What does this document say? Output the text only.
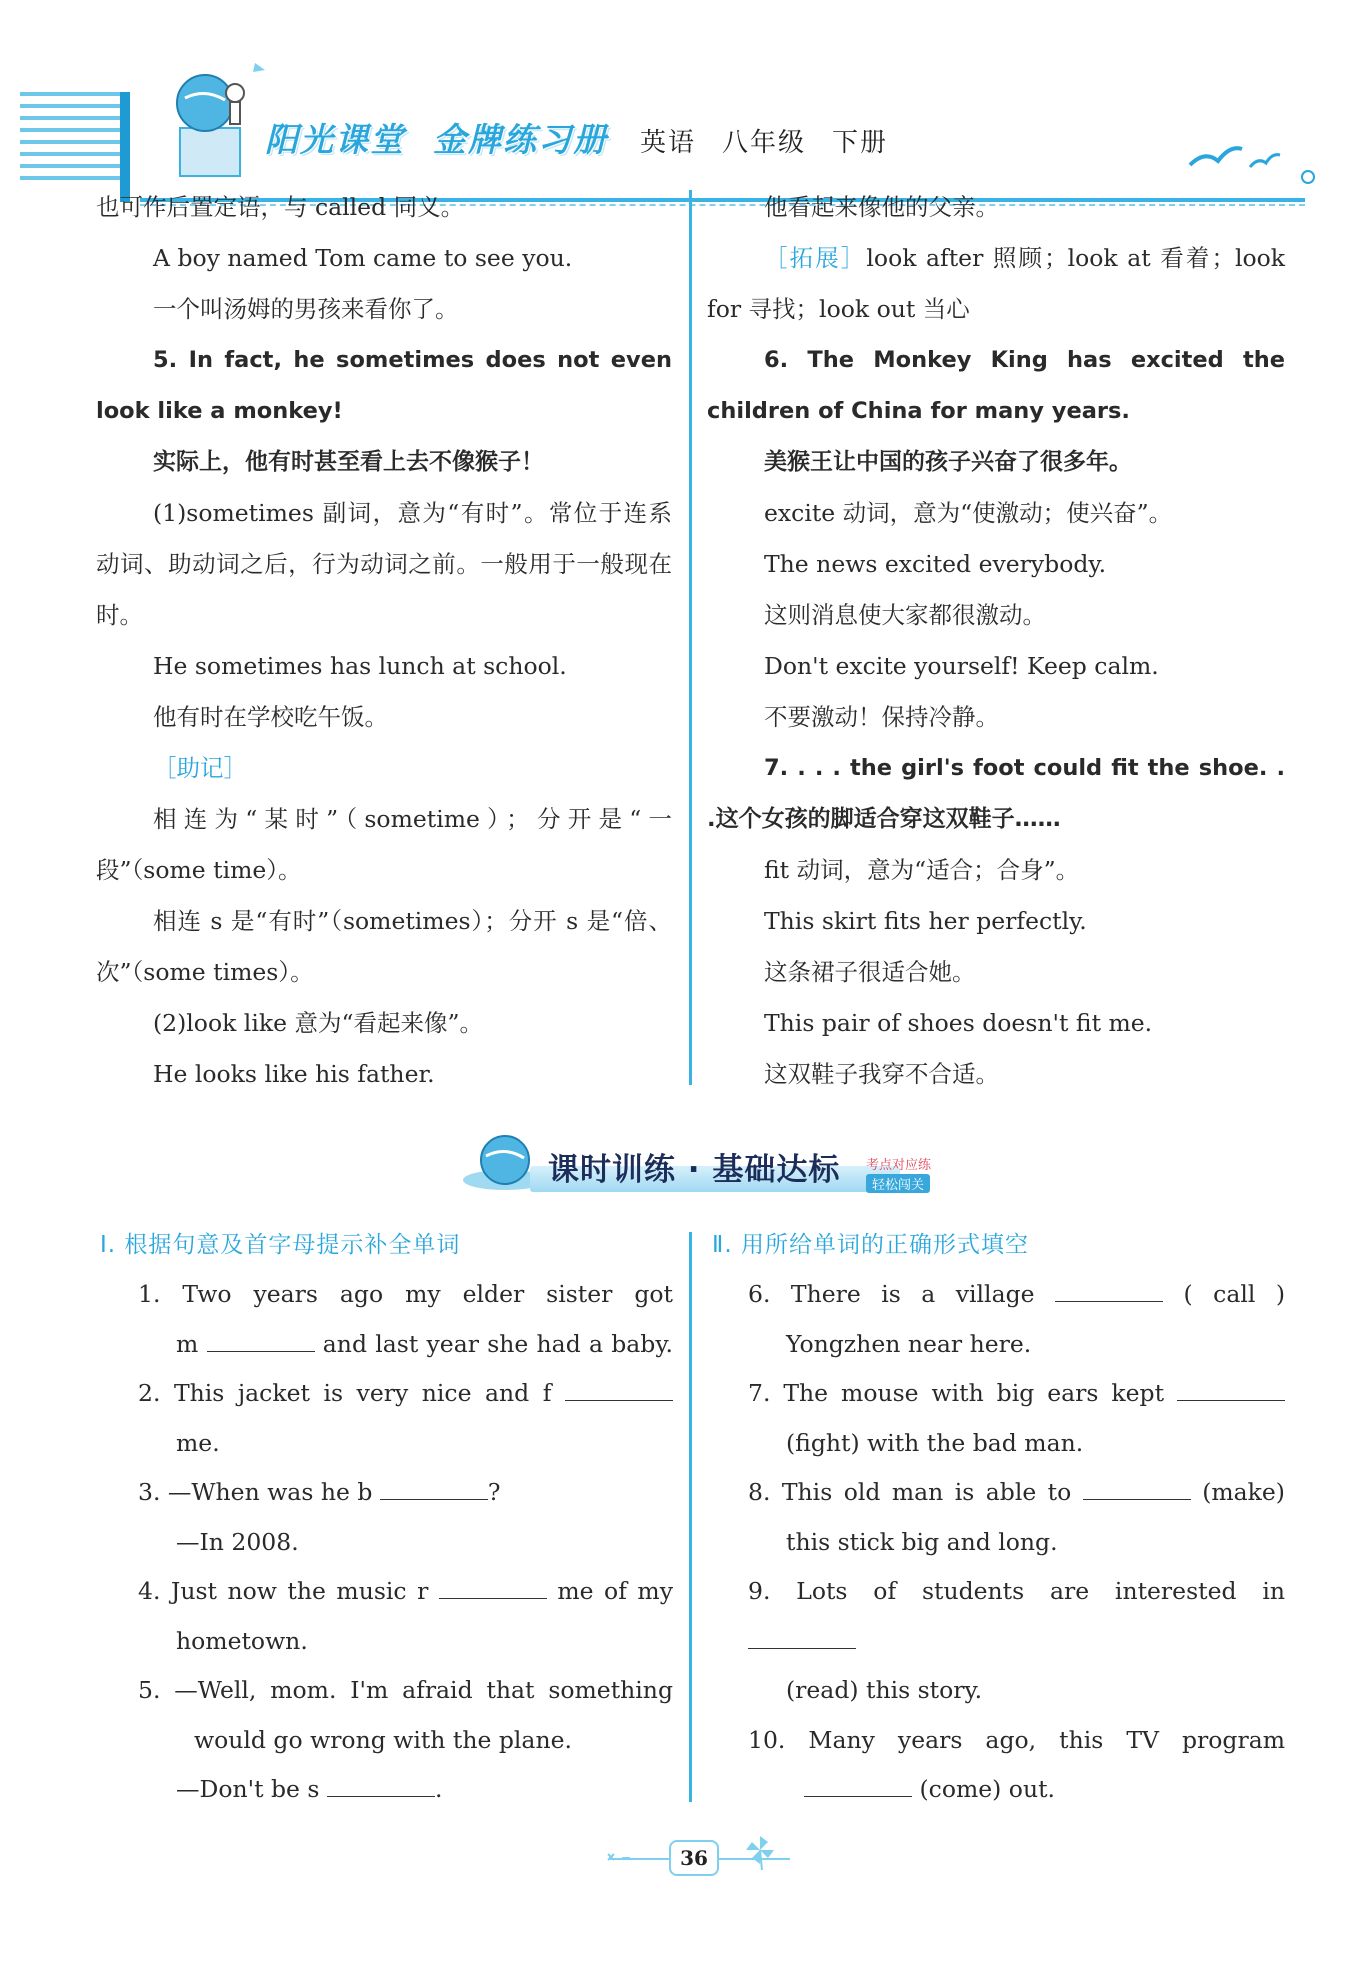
阳光课堂 金牌练习册	英语 八年级 下册

也可作后置定语，与 called 同义。

A boy named Tom came to see you.

一个叫汤姆的男孩来看你了。

5. In fact, he sometimes does not even look like a monkey!

实际上，他有时甚至看上去不像猴子！

(1)sometimes 副词，意为“有时”。常位于连系动词、助动词之后，行为动词之前。一般用于一般现在时。

He sometimes has lunch at school.

他有时在学校吃午饭。

［助记］

相连为“某时”（sometime）；分开是“一段”（some time）。

相连 s 是“有时”（sometimes）；分开 s 是“倍、次”（some times）。

(2)look like 意为“看起来像”。

He looks like his father.

他看起来像他的父亲。

［拓展］look after 照顾；look at 看着；look for 寻找；look out 当心

6. The Monkey King has excited the children of China for many years.

美猴王让中国的孩子兴奋了很多年。

excite 动词，意为“使激动；使兴奋”。

The news excited everybody.

这则消息使大家都很激动。

Don't excite yourself! Keep calm.

不要激动！保持冷静。

7. . . . the girl's foot could fit the shoe. . .这个女孩的脚适合穿这双鞋子……

fit 动词，意为“适合；合身”。

This skirt fits her perfectly.

这条裙子很适合她。

This pair of shoes doesn't fit me.

这双鞋子我穿不合适。

课时训练 · 基础达标 考点对应练
轻松闯关
Ⅰ. 根据句意及首字母提示补全单词	Ⅱ. 用所给单词的正确形式填空

1. Two years ago my elder sister got

m	and last year she had a baby.

2. This jacket is very nice and f

me.

3. —When was he b	?

—In 2008.

4. Just now the music r	me of my

hometown.

5. —Well, mom. I'm afraid that something

would go wrong with the plane.

—Don't be s	.

6. There is a village	( call )

Yongzhen near here.

7. The mouse with big ears kept

(fight) with the bad man.

8. This old man is able to	(make)

this stick big and long.

9. Lots of students are interested in

(read) this story.

10. Many years ago, this TV program

(come) out.

36
